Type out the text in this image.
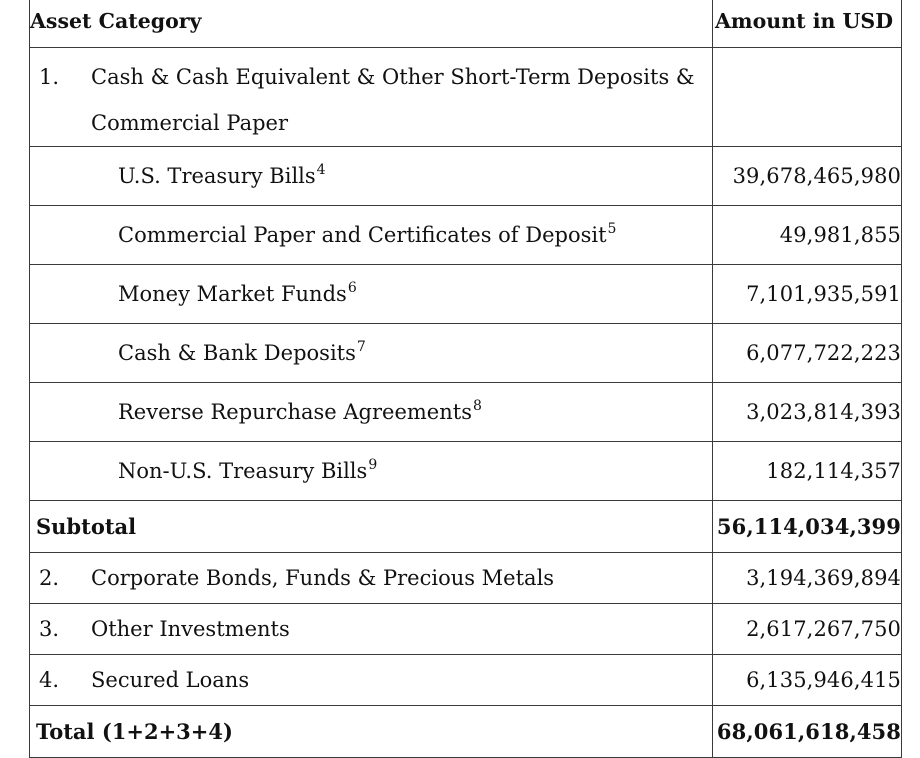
Asset Category	Amount in USD

1. Cash & Cash Equivalent & Other Short-Term Deposits &
Commercial Paper	

U.S. Treasury Bills$^4$	39,678,465,980
Commercial Paper and Certificates of Deposit$^5$	49,981,855
Money Market Funds$^6$	7,101,935,591
Cash & Bank Deposits$^7$	6,077,722,223
Reverse Repurchase Agreements$^8$	3,023,814,393
Non-U.S. Treasury Bills$^9$	182,114,357
Subtotal	56,114,034,399

2. Corporate Bonds, Funds & Precious Metals	3,194,369,894

3. Other Investments	2,617,267,750

4. Secured Loans	6,135,946,415
Total (1+2+3+4)	68,061,618,458
